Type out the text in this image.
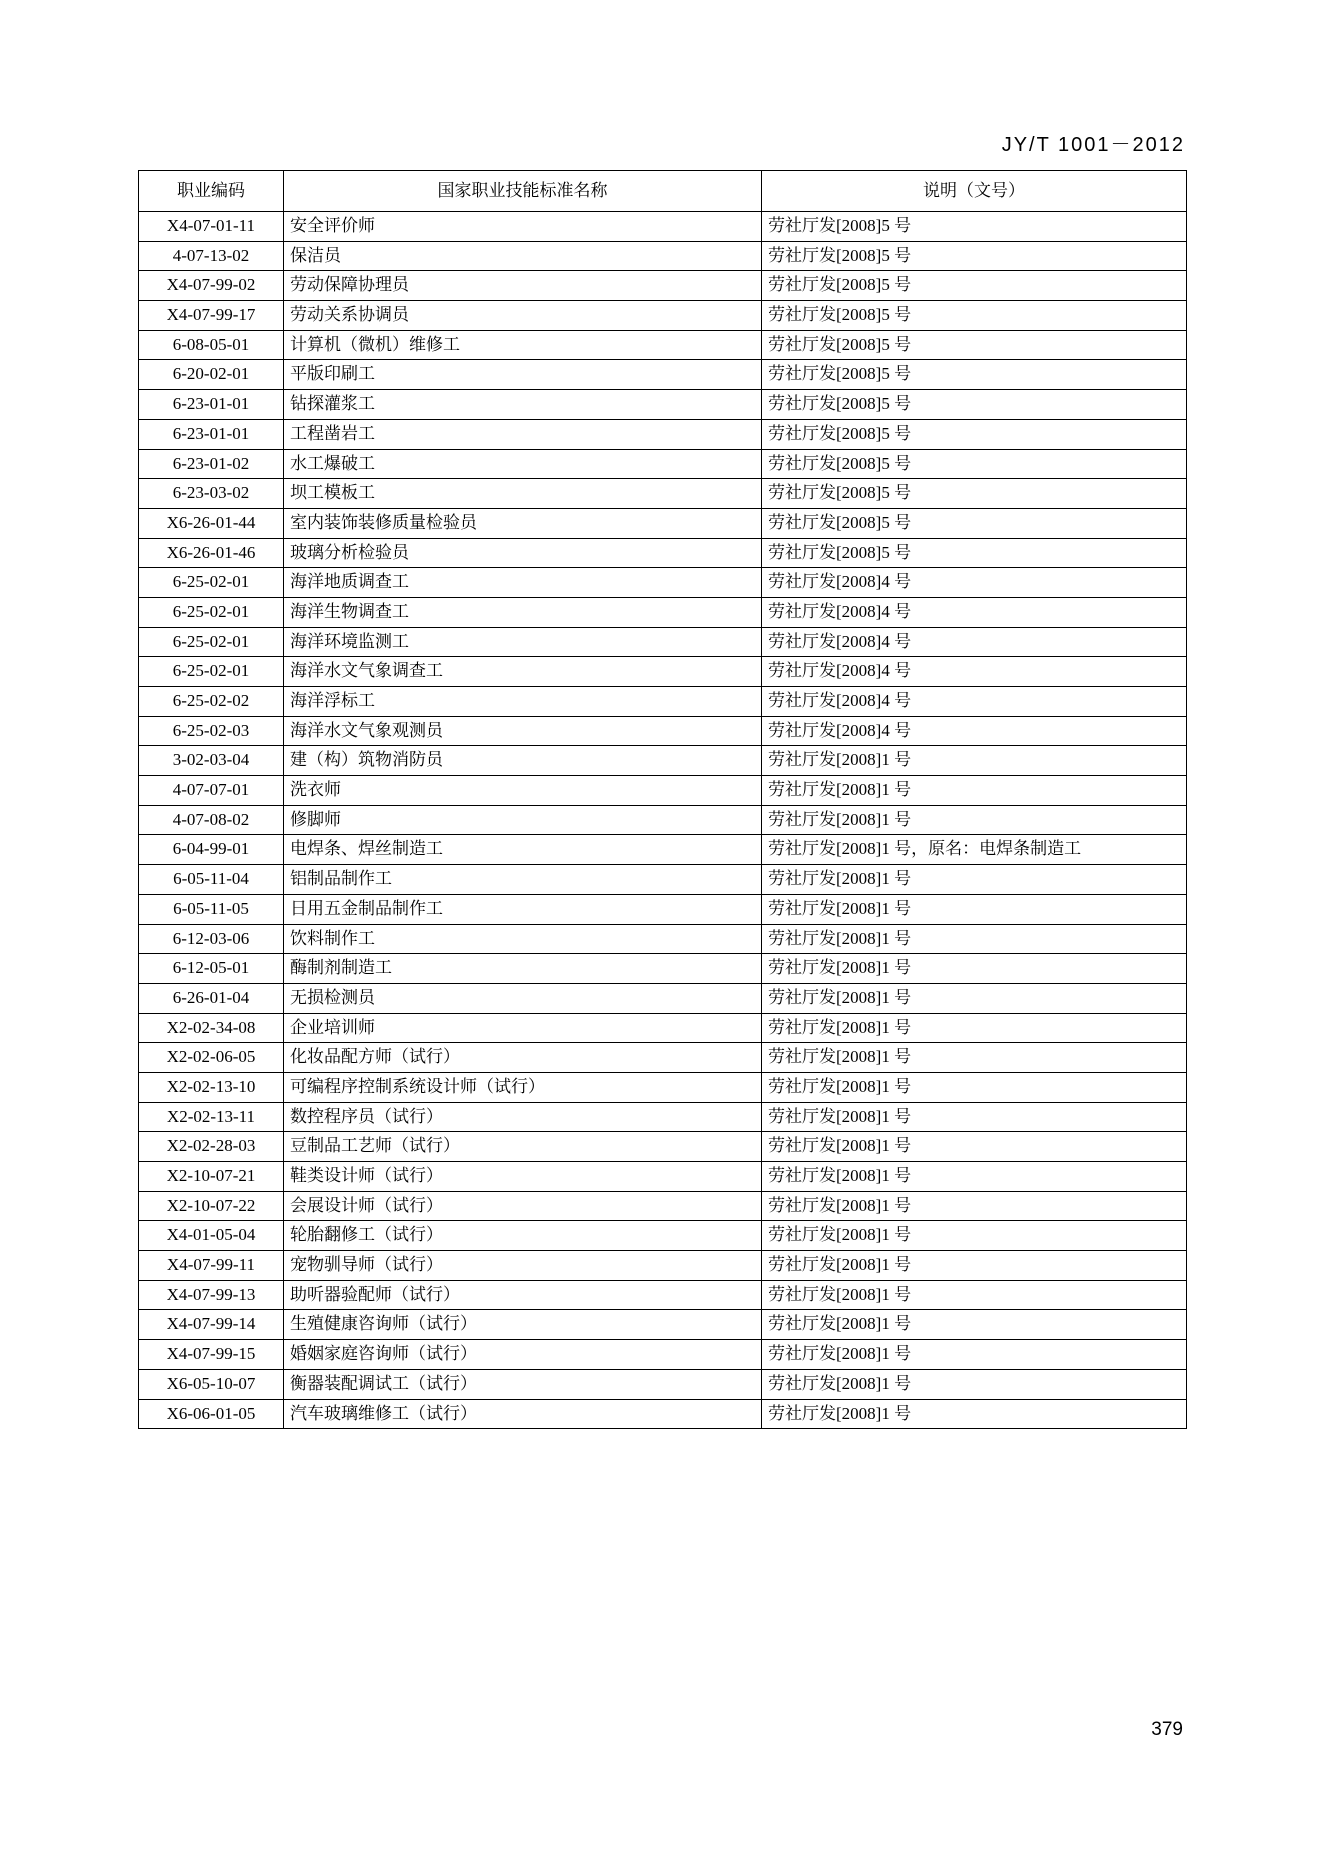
JY/T 1001－2012
职业编码	国家职业技能标准名称	说明（文号）
X4-07-01-11	安全评价师	劳社厅发[2008]5 号
4-07-13-02	保洁员	劳社厅发[2008]5 号
X4-07-99-02	劳动保障协理员	劳社厅发[2008]5 号
X4-07-99-17	劳动关系协调员	劳社厅发[2008]5 号
6-08-05-01	计算机（微机）维修工	劳社厅发[2008]5 号
6-20-02-01	平版印刷工	劳社厅发[2008]5 号
6-23-01-01	钻探灌浆工	劳社厅发[2008]5 号
6-23-01-01	工程凿岩工	劳社厅发[2008]5 号
6-23-01-02	水工爆破工	劳社厅发[2008]5 号
6-23-03-02	坝工模板工	劳社厅发[2008]5 号
X6-26-01-44	室内装饰装修质量检验员	劳社厅发[2008]5 号
X6-26-01-46	玻璃分析检验员	劳社厅发[2008]5 号
6-25-02-01	海洋地质调查工	劳社厅发[2008]4 号
6-25-02-01	海洋生物调查工	劳社厅发[2008]4 号
6-25-02-01	海洋环境监测工	劳社厅发[2008]4 号
6-25-02-01	海洋水文气象调查工	劳社厅发[2008]4 号
6-25-02-02	海洋浮标工	劳社厅发[2008]4 号
6-25-02-03	海洋水文气象观测员	劳社厅发[2008]4 号
3-02-03-04	建（构）筑物消防员	劳社厅发[2008]1 号
4-07-07-01	洗衣师	劳社厅发[2008]1 号
4-07-08-02	修脚师	劳社厅发[2008]1 号
6-04-99-01	电焊条、焊丝制造工	劳社厅发[2008]1 号，原名：电焊条制造工
6-05-11-04	铝制品制作工	劳社厅发[2008]1 号
6-05-11-05	日用五金制品制作工	劳社厅发[2008]1 号
6-12-03-06	饮料制作工	劳社厅发[2008]1 号
6-12-05-01	酶制剂制造工	劳社厅发[2008]1 号
6-26-01-04	无损检测员	劳社厅发[2008]1 号
X2-02-34-08	企业培训师	劳社厅发[2008]1 号
X2-02-06-05	化妆品配方师（试行）	劳社厅发[2008]1 号
X2-02-13-10	可编程序控制系统设计师（试行）	劳社厅发[2008]1 号
X2-02-13-11	数控程序员（试行）	劳社厅发[2008]1 号
X2-02-28-03	豆制品工艺师（试行）	劳社厅发[2008]1 号
X2-10-07-21	鞋类设计师（试行）	劳社厅发[2008]1 号
X2-10-07-22	会展设计师（试行）	劳社厅发[2008]1 号
X4-01-05-04	轮胎翻修工（试行）	劳社厅发[2008]1 号
X4-07-99-11	宠物驯导师（试行）	劳社厅发[2008]1 号
X4-07-99-13	助听器验配师（试行）	劳社厅发[2008]1 号
X4-07-99-14	生殖健康咨询师（试行）	劳社厅发[2008]1 号
X4-07-99-15	婚姻家庭咨询师（试行）	劳社厅发[2008]1 号
X6-05-10-07	衡器装配调试工（试行）	劳社厅发[2008]1 号
X6-06-01-05	汽车玻璃维修工（试行）	劳社厅发[2008]1 号
379
